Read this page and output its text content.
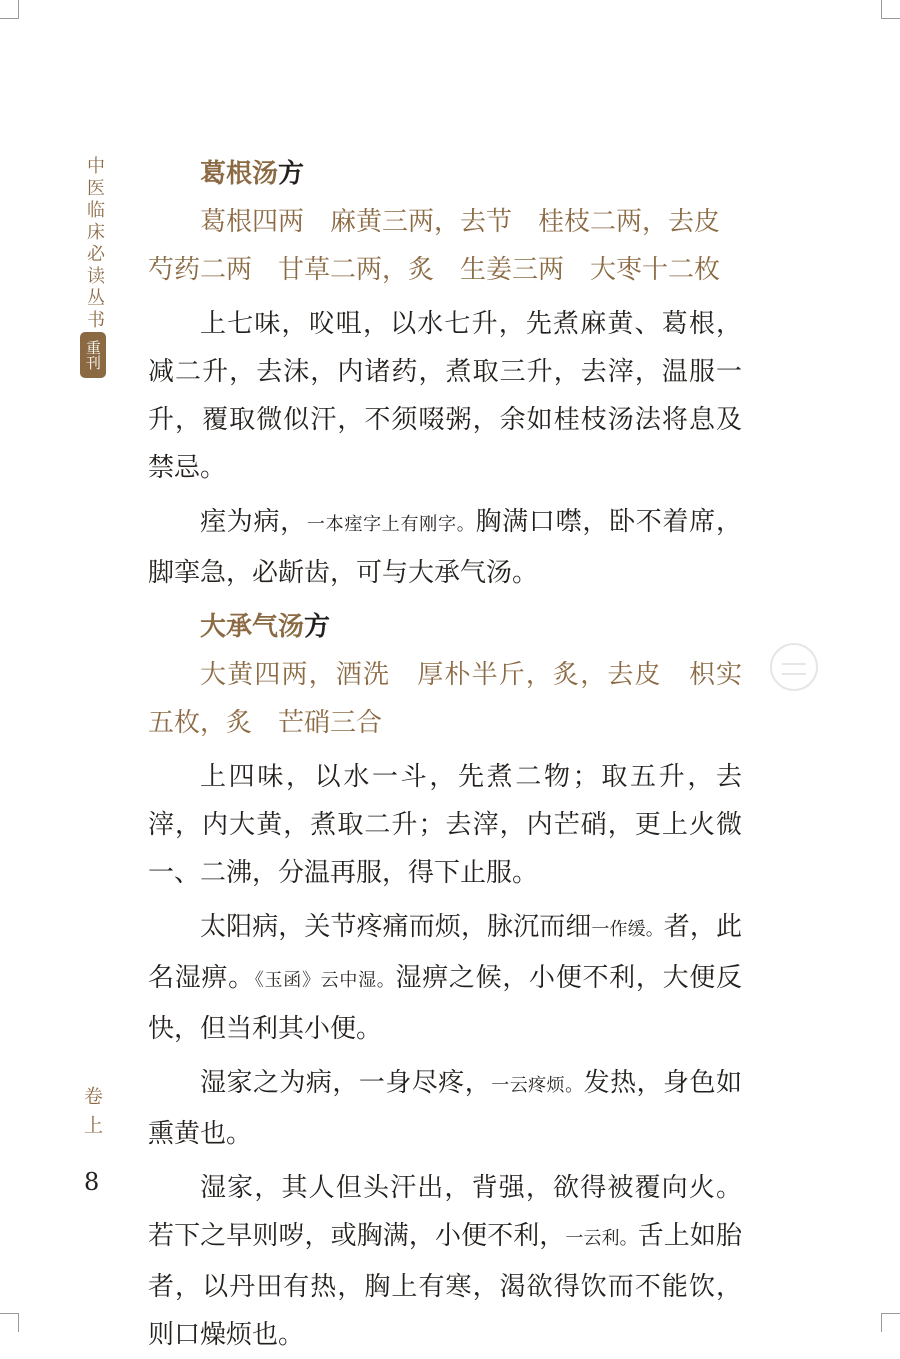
中医临床必读丛书
重刊
卷上
8

葛根汤方

葛根四两　麻黄三两，去节　桂枝二两，去皮

芍药二两　甘草二两，炙　生姜三两　大枣十二枚

上七味，㕮咀，以水七升，先煮麻黄、葛根，减二升，去沫，内诸药，煮取三升，去滓，温服一升，覆取微似汗，不须啜粥，余如桂枝汤法将息及禁忌。

痓为病，一本痓字上有刚字。胸满口噤，卧不着席，脚挛急，必龂齿，可与大承气汤。

大承气汤方

大黄四两，酒洗　厚朴半斤，炙，去皮　枳实五枚，炙　芒硝三合

上四味，以水一斗，先煮二物；取五升，去滓，内大黄，煮取二升；去滓，内芒硝，更上火微一、二沸，分温再服，得下止服。

太阳病，关节疼痛而烦，脉沉而细一作缓。者，此名湿痹。《玉函》云中湿。湿痹之候，小便不利，大便反快，但当利其小便。

湿家之为病，一身尽疼，一云疼烦。发热，身色如熏黄也。

湿家，其人但头汗出，背强，欲得被覆向火。若下之早则哕，或胸满，小便不利，一云利。舌上如胎者，以丹田有热，胸上有寒，渴欲得饮而不能饮，则口燥烦也。
